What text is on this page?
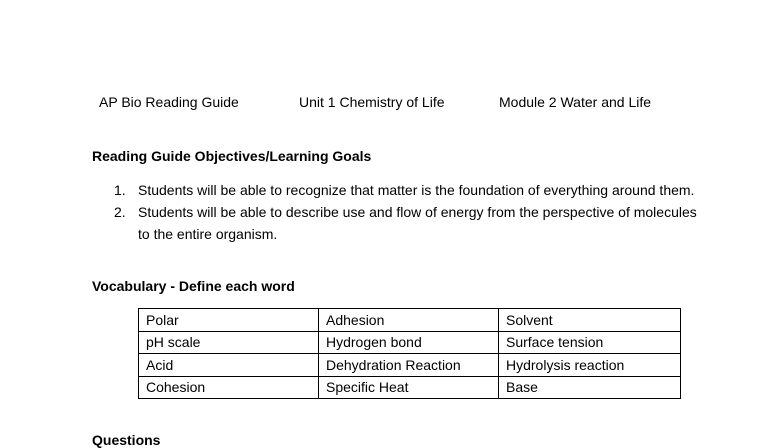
AP Bio Reading Guide	Unit 1 Chemistry of Life	Module 2 Water and Life
Reading Guide Objectives/Learning Goals
1. Students will be able to recognize that matter is the foundation of everything around them.
2. Students will be able to describe use and flow of energy from the perspective of molecules to the entire organism.
Vocabulary - Define each word
Polar	Adhesion	Solvent
pH scale	Hydrogen bond	Surface tension
Acid	Dehydration Reaction	Hydrolysis reaction
Cohesion	Specific Heat	Base
Questions
